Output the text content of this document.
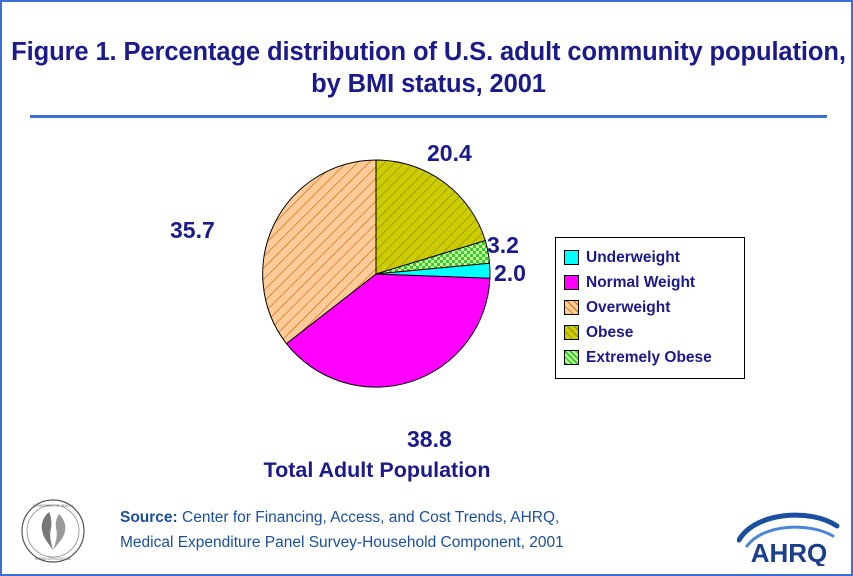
Figure 1. Percentage distribution of U.S. adult community population, by BMI status, 2001
20.4
35.7
3.2
2.0
38.8
Total Adult Population
Underweight
Normal Weight
Overweight
Obese
Extremely Obese
Source: Center for Financing, Access, and Cost Trends, AHRQ,
Medical Expenditure Panel Survey-Household Component, 2001
DEPARTMENT OF HEALTH
HUMAN SERVICES USA	AHRQ
